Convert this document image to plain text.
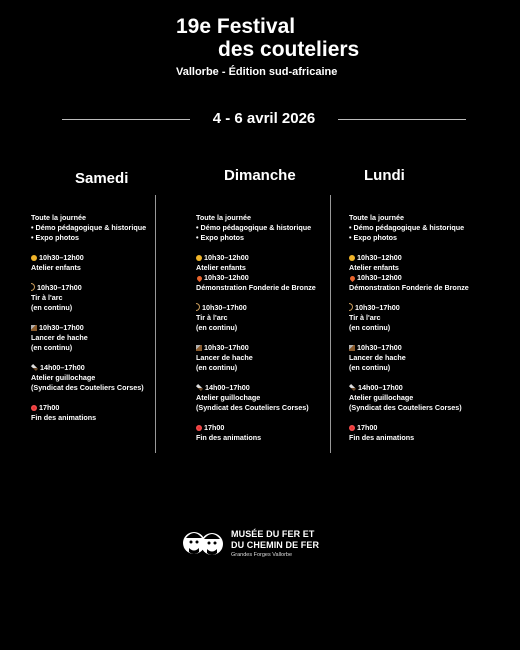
19e Festival
des couteliers
Vallorbe - Édition sud-africaine
4 - 6 avril 2026
Samedi
Toute la journée
• Démo pédagogique & historique
• Expo photos
10h30–12h00
Atelier enfants
10h30–17h00
Tir à l'arc
(en continu)
10h30–17h00
Lancer de hache
(en continu)
14h00–17h00
Atelier guillochage
(Syndicat des Couteliers Corses)
17h00
Fin des animations
Dimanche
Toute la journée
• Démo pédagogique & historique
• Expo photos
10h30–12h00
Atelier enfants
10h30–12h00
Démonstration Fonderie de Bronze
10h30–17h00
Tir à l'arc
(en continu)
10h30–17h00
Lancer de hache
(en continu)
14h00–17h00
Atelier guillochage
(Syndicat des Couteliers Corses)
17h00
Fin des animations
Lundi
Toute la journée
• Démo pédagogique & historique
• Expo photos
10h30–12h00
Atelier enfants
10h30–12h00
Démonstration Fonderie de Bronze
10h30–17h00
Tir à l'arc
(en continu)
10h30–17h00
Lancer de hache
(en continu)
14h00–17h00
Atelier guillochage
(Syndicat des Couteliers Corses)
17h00
Fin des animations
MUSÉE DU FER ET
DU CHEMIN DE FER
Grandes Forges Vallorbe
